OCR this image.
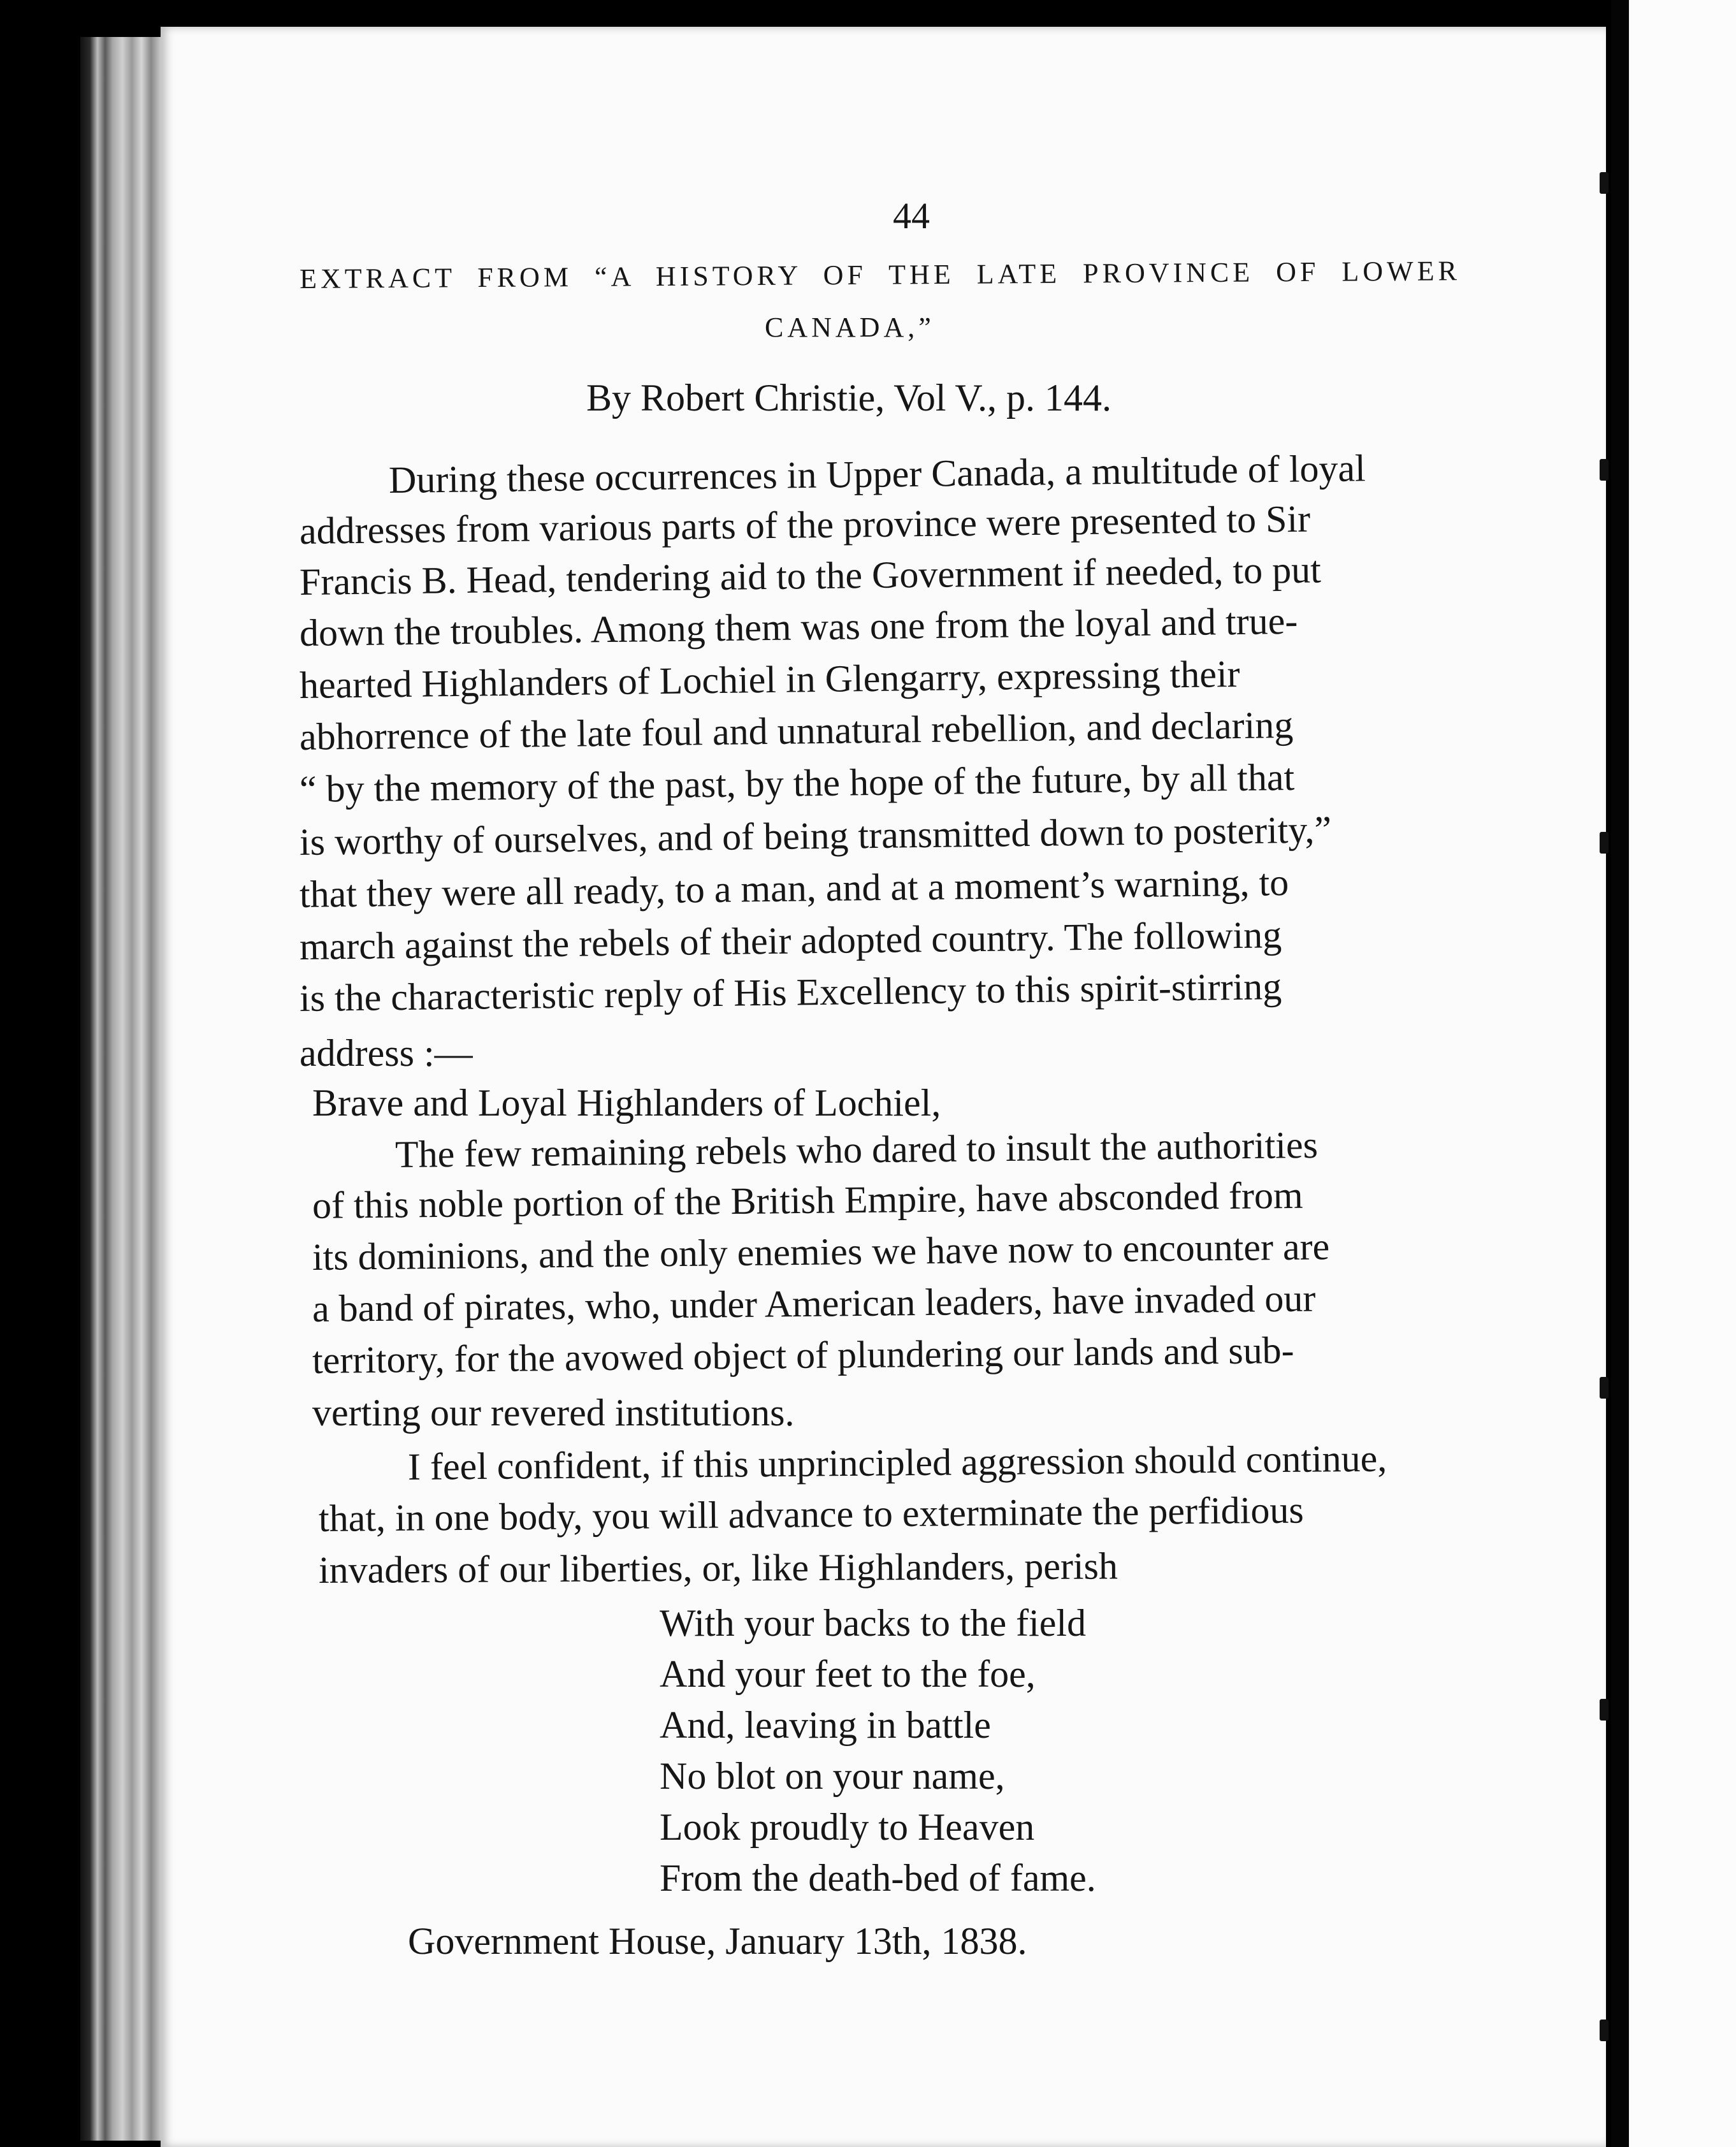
44
EXTRACT FROM “A HISTORY OF THE LATE PROVINCE OF LOWER
CANADA,”
By Robert Christie, Vol V., p. 144.
During these occurrences in Upper Canada, a multitude of loyal
addresses from various parts of the province were presented to Sir
Francis B. Head, tendering aid to the Government if needed, to put
down the troubles. Among them was one from the loyal and true-
hearted Highlanders of Lochiel in Glengarry, expressing their
abhorrence of the late foul and unnatural rebellion, and declaring
“ by the memory of the past, by the hope of the future, by all that
is worthy of ourselves, and of being transmitted down to posterity,”
that they were all ready, to a man, and at a moment’s warning, to
march against the rebels of their adopted country. The following
is the characteristic reply of His Excellency to this spirit-stirring
address :—
Brave and Loyal Highlanders of Lochiel,
The few remaining rebels who dared to insult the authorities
of this noble portion of the British Empire, have absconded from
its dominions, and the only enemies we have now to encounter are
a band of pirates, who, under American leaders, have invaded our
territory, for the avowed object of plundering our lands and sub-
verting our revered institutions.
I feel confident, if this unprincipled aggression should continue,
that, in one body, you will advance to exterminate the perfidious
invaders of our liberties, or, like Highlanders, perish
With your backs to the field
And your feet to the foe,
And, leaving in battle
No blot on your name,
Look proudly to Heaven
From the death-bed of fame.
Government House, January 13th, 1838.
